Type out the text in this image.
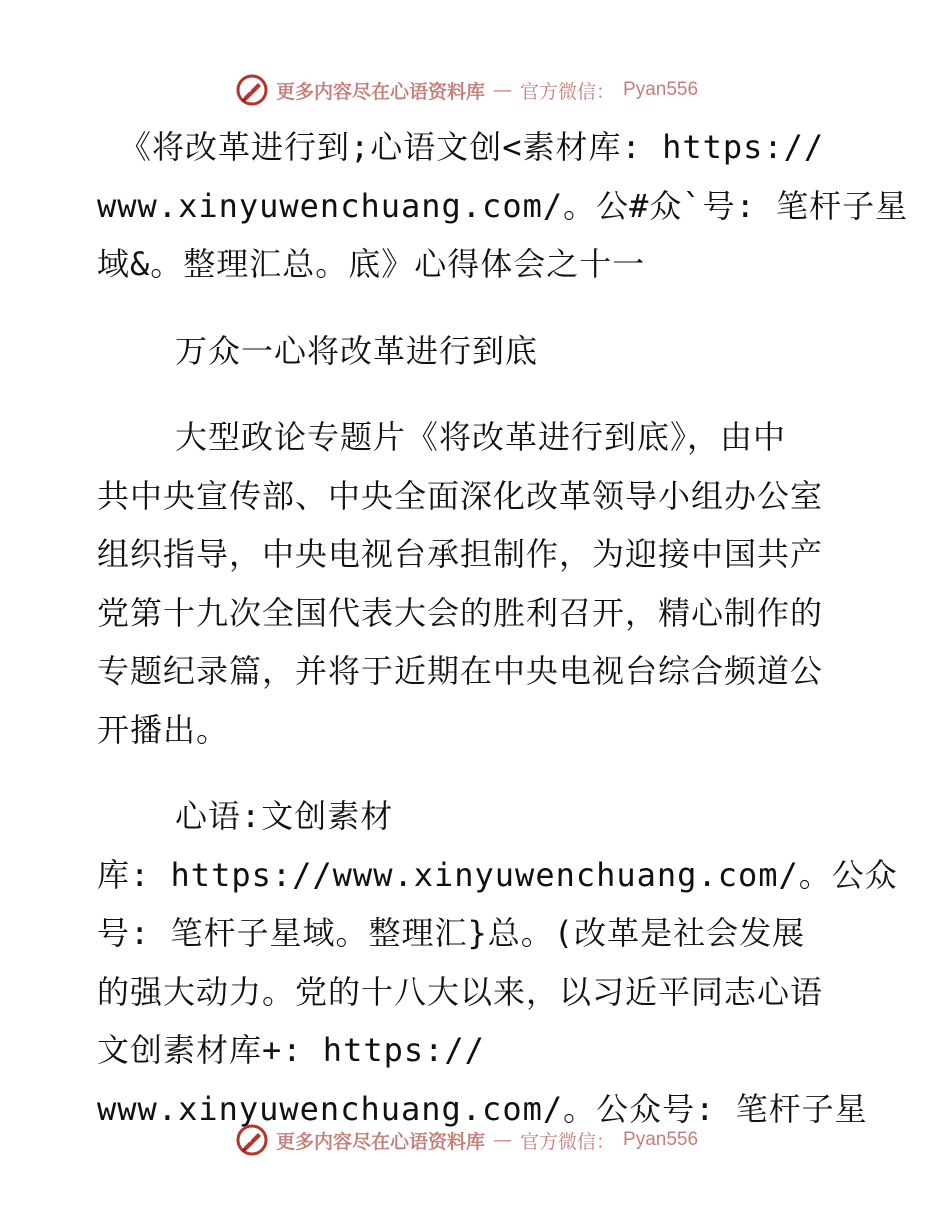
更多内容尽在心语资料库 — 官方微信： Pyan556
《将改革进行到;心语文创<素材库: https://
www.xinyuwenchuang.com/。公#众`号: 笔杆子星
域&。整理汇总。底》心得体会之十一
万众一心将改革进行到底
大型政论专题片《将改革进行到底》，由中
共中央宣传部、中央全面深化改革领导小组办公室
组织指导，中央电视台承担制作，为迎接中国共产
党第十九次全国代表大会的胜利召开，精心制作的
专题纪录篇，并将于近期在中央电视台综合频道公
开播出。
心语:文创素材
库: https://www.xinyuwenchuang.com/。公众
号: 笔杆子星域。整理汇}总。(改革是社会发展
的强大动力。党的十八大以来，以习近平同志心语
文创素材库+: https://
www.xinyuwenchuang.com/。公众号: 笔杆子星
更多内容尽在心语资料库 — 官方微信： Pyan556
